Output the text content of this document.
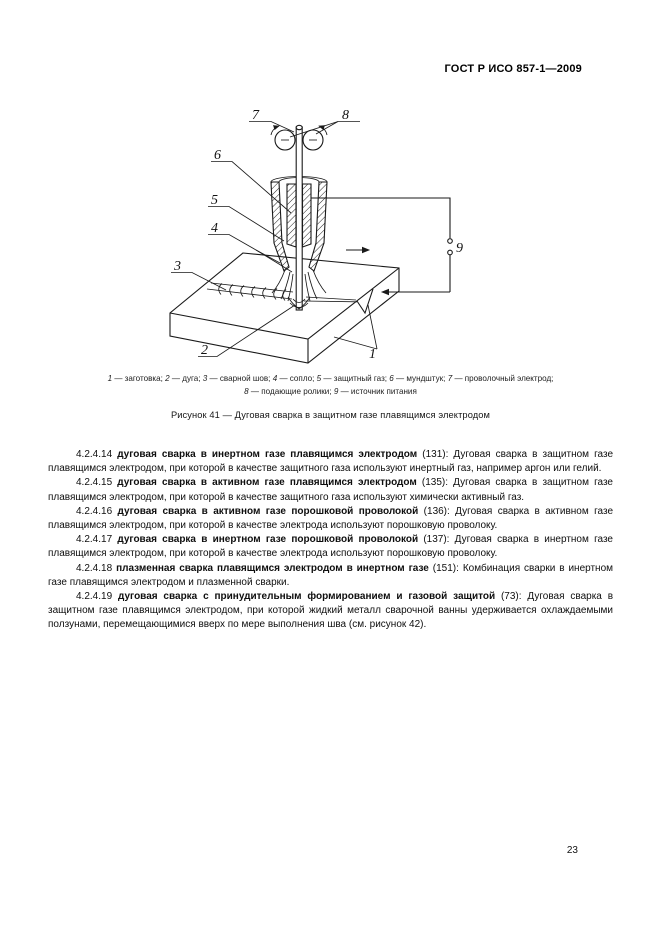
ГОСТ Р ИСО 857-1—2009
1
2
3
4
5
6
7	8
9
1 — заготовка; 2 — дуга; 3 — сварной шов; 4 — сопло; 5 — защитный газ; 6 — мундштук; 7 — проволочный электрод;
8 — подающие ролики; 9 — источник питания
Рисунок 41 — Дуговая сварка в защитном газе плавящимся электродом

4.2.4.14 дуговая сварка в инертном газе плавящимся электродом (131): Дуговая сварка в защитном газе плавящимся электродом, при которой в качестве защитного газа используют инертный газ, например аргон или гелий.

4.2.4.15 дуговая сварка в активном газе плавящимся электродом (135): Дуговая сварка в защитном газе плавящимся электродом, при которой в качестве защитного газа используют химически активный газ.

4.2.4.16 дуговая сварка в активном газе порошковой проволокой (136): Дуговая сварка в активном газе плавящимся электродом, при которой в качестве электрода используют порошковую проволоку.

4.2.4.17 дуговая сварка в инертном газе порошковой проволокой (137): Дуговая сварка в инертном газе плавящимся электродом, при которой в качестве электрода используют порошковую проволоку.

4.2.4.18 плазменная сварка плавящимся электродом в инертном газе (151): Комбинация сварки в инертном газе плавящимся электродом и плазменной сварки.

4.2.4.19 дуговая сварка с принудительным формированием и газовой защитой (73): Дуговая сварка в защитном газе плавящимся электродом, при которой жидкий металл сварочной ванны удерживается охлаждаемыми ползунами, перемещающимися вверх по мере выполнения шва (см. рисунок 42).

23
